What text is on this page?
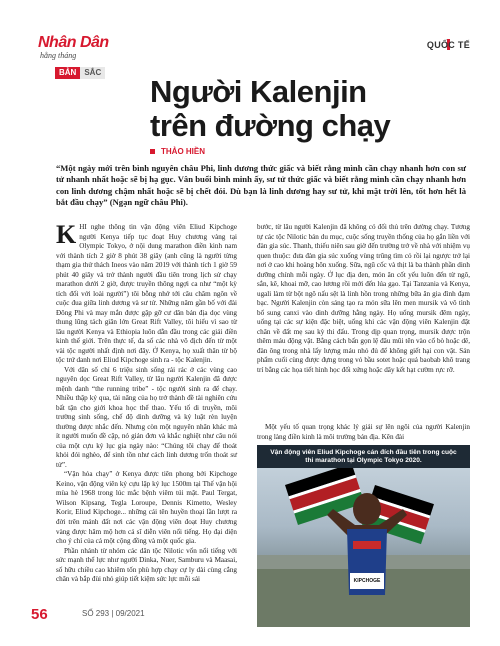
Nhân Dân
hằng tháng
QUỐC TẾ
BẢN	SẮC
Người Kalenjin
trên đường chạy
THẢO HIỀN
“Một ngày mới trên bình nguyên châu Phi, linh dương thức giấc và biết rằng mình cần chạy nhanh hơn con sư tử nhanh nhất hoặc sẽ bị hạ gục. Vân buổi bình minh ấy, sư tử thức giấc và biết rằng mình cần chạy nhanh hơn con linh dương chậm nhất hoặc sẽ bị chết đói. Dù bạn là linh dương hay sư tử, khi mặt trời lên, tốt hơn hết là bắt đầu chạy” (Ngạn ngữ châu Phi).

KHI nghe thông tin vận động viên Eliud Kipchoge người Kenya tiếp tục đoạt Huy chương vàng tại Olympic Tokyo, ở nội dung marathon điền kinh nam với thành tích 2 giờ 8 phút 38 giây (anh cũng là người từng thạm gia thử thách Ineos vào năm 2019 với thành tích 1 giờ 59 phút 40 giây và trở thành người đầu tiên trong lịch sử chạy marathon dưới 2 giờ, được truyền thông ngợi ca như “một kỳ tích đối với loài người”) tôi bỗng nhớ tới câu chăm ngôn về cuộc đua giữa linh dương và sư tử. Những năm gần bố với đài Đông Phi và may mắn được gặp gỡ cư dân bản địa dọc vùng thung lũng tách giãn lớn Great Rift Valley, tôi hiểu vì sao từ lâu người Kenya và Ethiopia luôn dẫn đầu trong các giải điền kinh thế giới. Trên thực tế, đa số các nhà vô địch đến từ một vài tộc người nhất định nơi đây. Ở Kenya, họ xuất thân từ bộ tộc trứ danh nơi Eliud Kipchoge sinh ra - tộc Kalenjin.

Với dân số chỉ 6 triệu sinh sống rải rác ở các vùng cao nguyên dọc Great Rift Valley, từ lâu người Kalenjin đã được mệnh danh “the running tribe” - tộc người sinh ra để chạy. Nhiều thập kỷ qua, tài năng của họ trở thành đề tài nghiên cứu bất tận cho giới khoa học thể thao. Yếu tố di truyền, môi trường sinh sống, chế độ dinh dưỡng và kỷ luật rèn luyện thường được nhắc đến. Nhưng còn một nguyên nhân khác mà ít người muốn đề cập, nó giản đơn và khắc nghiệt như câu nói của một cựu kỷ lục gia ngày nào: “Chúng tôi chạy để thoát khỏi đói nghèo, để sinh tồn như cách linh dương trốn thoát sư tử”.

“Vận hỏa chạy” ở Kenya được tiên phong bởi Kipchoge Keino, vận động viên kỷ cựu lập kỷ lục 1500m tại Thế vận hội mùa hè 1968 trong lúc mắc bệnh viêm túi mật. Paul Tergat, Wilson Kipsang, Tegla Loroupe, Dennis Kimetto, Wesley Korir, Eliud Kipchoge... những cái tên huyền thoại lần lượt ra đời trên mảnh đất nơi các vận động viên đoạt Huy chương vàng được hâm mộ hơn cả sĩ diễn viên nổi tiếng. Họ đại diện cho ý chí của cả một cộng đồng và một quốc gia.

Phần nhánh từ nhóm các dân tộc Nilotic vốn nổi tiếng với sức mạnh thể lực như người Dinka, Nuer, Samburu và Maasai, số hữu chiều cao khiêm tốn phù hợp chạy cự ly dài cùng cẳng chân và bắp đùi nhỏ giúp tiết kiệm sức lực mỗi sải

bước, từ lâu người Kalenjin đã không có đối thủ trên đường chạy. Tương tự các tộc Nilotic bản du mục, cuộc sống truyền thống của họ gắn liền với đàn gia súc. Thanh, thiếu niên sau giờ đến trường trở về nhà với nhiệm vụ quen thuộc: đưa đàn gia súc xuống vùng trũng tìm cỏ rồi lại ngược trở lại nơi ở cao khi hoàng hôn xuống. Sữa, ngũ cốc và thịt là ba thành phần dinh dưỡng chính mỗi ngày. Ở lục địa đen, món ăn cốt yếu luôn đến từ ngô, sắn, kê, khoai mỡ, cao lương rồi mới đến lúa gạo. Tại Tanzania và Kenya, ugali làm từ bột ngô nấu sệt là linh hồn trong những bữa ăn gia đình đạm bạc. Người Kalenjin còn sáng tạo ra món sữa lên men mursik và vô tình bổ sung canxi vào dinh dưỡng hằng ngày. Họ uống mursik đêm ngày, uống tại các sự kiện đặc biệt, uống khi các vận động viên Kalenjin đặt chân về đất mẹ sau kỳ thi đấu. Trong dịp quan trọng, mursik được trộn thêm máu động vật. Bằng cách bấn gọn lệ đâu mũi tên vào cổ bò hoặc dê, đàn ông trong nhà lấy lượng máu nhỏ đủ để không giết hại con vật. Sản phẩm cuối cùng được đựng trong vỏ bầu sotet hoặc quả baobab khô trang trí bằng các họa tiết hình học đối xứng hoặc dây kết hạt cườm rực rỡ.

Một yếu tố quan trọng khác lý giải sự lên ngôi của người Kalenjin trong làng điền kinh là môi trường bản địa. Kên đài

Vận động viên Eliud Kipchoge cán đích đầu tiên trong cuộc thi marathon tại Olympic Tokyo 2020.
KIPCHOGE
56	SỐ 293 | 09/2021
